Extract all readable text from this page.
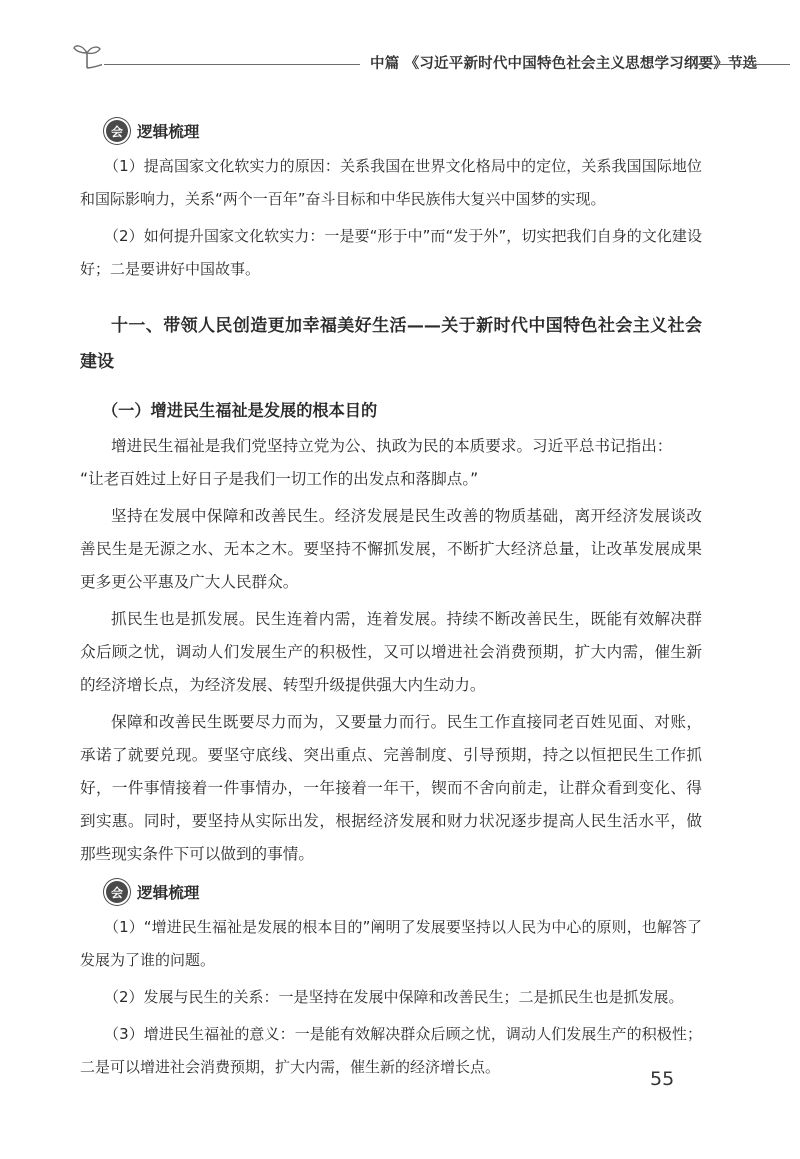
中篇 《习近平新时代中国特色社会主义思想学习纲要》节选
会 逻辑梳理

（1）提高国家文化软实力的原因：关系我国在世界文化格局中的定位，关系我国国际地位和国际影响力，关系“两个一百年”奋斗目标和中华民族伟大复兴中国梦的实现。

（2）如何提升国家文化软实力：一是要“形于中”而“发于外”，切实把我们自身的文化建设好；二是要讲好中国故事。

十一、带领人民创造更加幸福美好生活——关于新时代中国特色社会主义社会建设
（一）增进民生福祉是发展的根本目的

增进民生福祉是我们党坚持立党为公、执政为民的本质要求。习近平总书记指出：

“让老百姓过上好日子是我们一切工作的出发点和落脚点。”

坚持在发展中保障和改善民生。经济发展是民生改善的物质基础，离开经济发展谈改善民生是无源之水、无本之木。要坚持不懈抓发展，不断扩大经济总量，让改革发展成果更多更公平惠及广大人民群众。

抓民生也是抓发展。民生连着内需，连着发展。持续不断改善民生，既能有效解决群众后顾之忧，调动人们发展生产的积极性，又可以增进社会消费预期，扩大内需，催生新的经济增长点，为经济发展、转型升级提供强大内生动力。

保障和改善民生既要尽力而为，又要量力而行。民生工作直接同老百姓见面、对账，承诺了就要兑现。要坚守底线、突出重点、完善制度、引导预期，持之以恒把民生工作抓好，一件事情接着一件事情办，一年接着一年干，锲而不舍向前走，让群众看到变化、得到实惠。同时，要坚持从实际出发，根据经济发展和财力状况逐步提高人民生活水平，做那些现实条件下可以做到的事情。

会 逻辑梳理

（1）“增进民生福祉是发展的根本目的”阐明了发展要坚持以人民为中心的原则，也解答了发展为了谁的问题。

（2）发展与民生的关系：一是坚持在发展中保障和改善民生；二是抓民生也是抓发展。

（3）增进民生福祉的意义：一是能有效解决群众后顾之忧，调动人们发展生产的积极性；二是可以增进社会消费预期，扩大内需，催生新的经济增长点。

55
